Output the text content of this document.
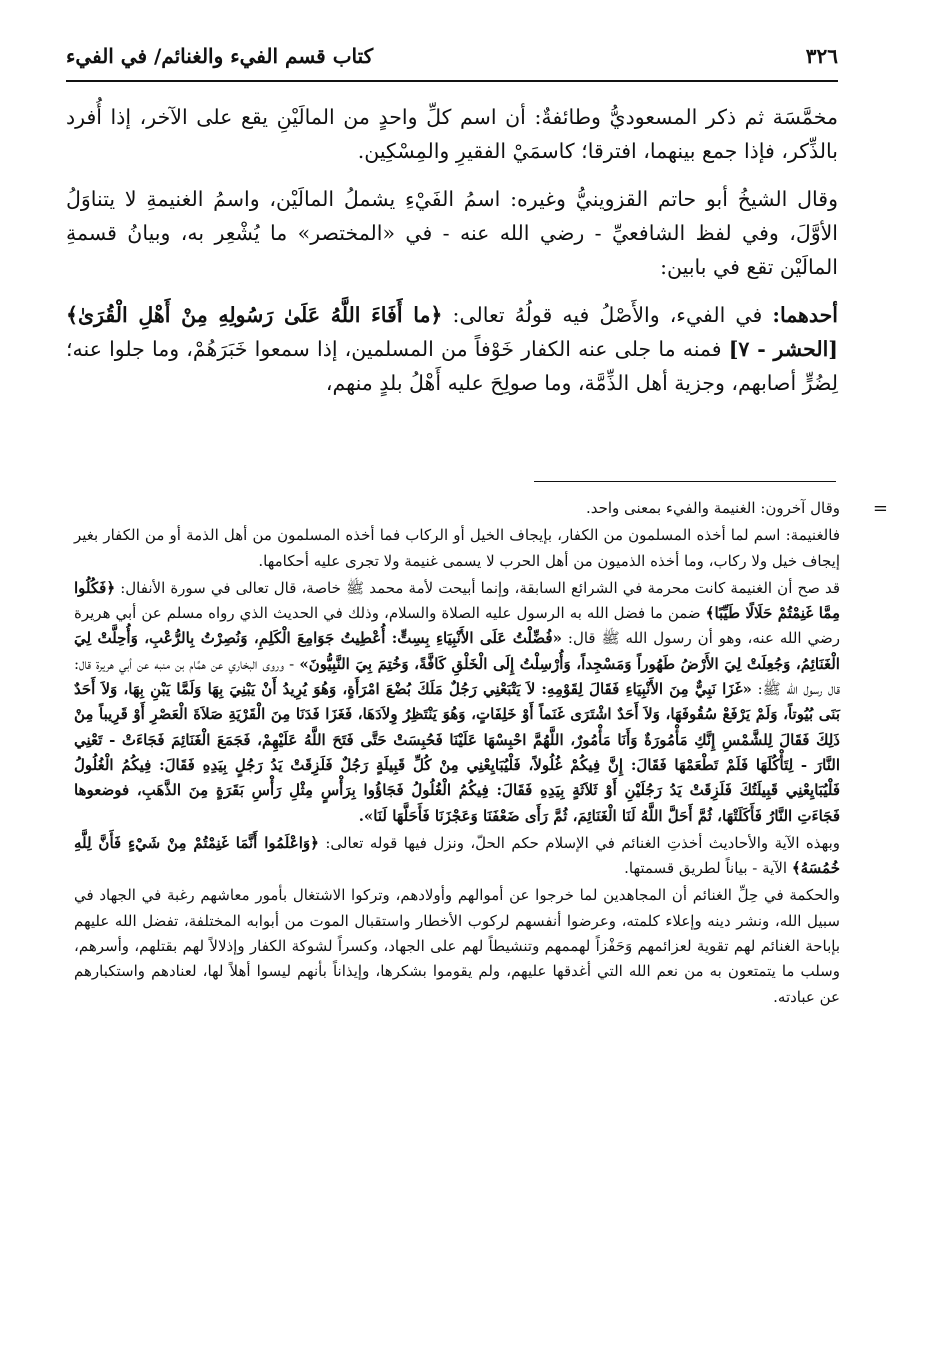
٣٢٦
كتاب قسم الفيء والغنائم/ في الفيء

مخمَّسَة ثم ذكر المسعوديُّ وطائفةٌ: أن اسم كلِّ واحدٍ من المالَيْنِ يقع على الآخر، إذا أُفرد بالذِّكر، فإذا جمع بينهما، افترقا؛ كاسمَيْ الفقيرِ والمِسْكِين.

وقال الشيخُ أبو حاتم القزوينيُّ وغيره: اسمُ الفَيْءِ يشملُ المالَيْن، واسمُ الغنيمةِ لا يتناوَلُ الأوَّلَ، وفي لفظ الشافعيِّ - رضي الله عنه - في «المختصر» ما يُشْعِر به، وبيانُ قسمةِ المالَيْن تقع في بابين:

أحدهما: في الفيء، والأَصْلُ فيه قولُهُ تعالى: ﴿ما أَفَاءَ اللَّهُ عَلَىٰ رَسُولِهِ مِنْ أَهْلِ الْقُرَىٰ﴾ [الحشر - ٧] فمنه ما جلى عنه الكفار خَوْفاً من المسلمين، إذا سمعوا خَبَرَهُمْ، وما جلوا عنه؛ لِضُرٍّ أصابهم، وجزية أهل الذِّمَّة، وما صولِحَ عليه أَهْلُ بلدٍ منهم،

=
وقال آخرون: الغنيمة والفيء بمعنى واحد.

فالغنيمة: اسم لما أخذه المسلمون من الكفار، بإيجاف الخيل أو الركاب فما أخذه المسلمون من أهل الذمة أو من الكفار بغير إيجاف خيل ولا ركاب، وما أخذه الذميون من أهل الحرب لا يسمى غنيمة ولا تجرى عليه أحكامها.

قد صح أن الغنيمة كانت محرمة في الشرائع السابقة، وإنما أبيحت لأمة محمد ﷺ خاصة، قال تعالى في سورة الأنفال: ﴿فَكُلُوا مِمَّا غَنِمْتُمْ حَلَالًا طَيِّبًا﴾ ضمن ما فضل الله به الرسول عليه الصلاة والسلام، وذلك في الحديث الذي رواه مسلم عن أبي هريرة رضي الله عنه، وهو أن رسول الله ﷺ قال: «فُضِّلْتُ عَلَى الأَنْبِيَاءِ بِسِتٍّ: أُعْطِيتُ جَوَامِعَ الْكَلِمِ، وَنُصِرْتُ بِالرُّعْبِ، وَأُحِلَّتْ لِيَ الْغَنَائِمُ، وَجُعِلَتْ لِيَ الأَرْضُ طَهُوراً وَمَسْجِداً، وَأُرْسِلْتُ إِلَى الْخَلْقِ كَافَّةً، وَخُتِمَ بِيَ النَّبِيُّونَ» - وروى البخاري عن همَّام بن منبه عن أبي هريرة قال: قال رسول الله ﷺ: «غَزَا نَبِيٌّ مِنَ الأَنْبِيَاءِ فَقَالَ لِقَوْمِهِ: لاَ يَتْبَعْنِي رَجُلٌ مَلَكَ بُضْعَ امْرَأَةٍ، وَهُوَ يُرِيدُ أَنْ يَبْنِيَ بِهَا وَلَمَّا يَبْنِ بِهَا، وَلاَ أَحَدٌ بَنَى بُيُوتاً، وَلَمْ يَرْفَعْ سُقُوفَهَا، وَلاَ أَحَدٌ اشْتَرَى غَنَماً أَوْ خَلِفَاتٍ، وَهُوَ يَنْتَظِرُ وِلاَدَهَا، فَغَزَا فَدَنَا مِنَ الْقَرْيَةِ صَلاَةَ الْعَصْرِ أَوْ قَرِيباً مِنْ ذَلِكَ فَقَالَ لِلشَّمْسِ إِنَّكِ مَأْمُورَةٌ وَأَنَا مَأْمُورٌ، اللَّهُمَّ احْبِسْهَا عَلَيْنَا فَحُبِسَتْ حَتَّى فَتَحَ اللَّهُ عَلَيْهِمْ، فَجَمَعَ الْغَنَائِمَ فَجَاءَتْ - تَعْنِي النَّارَ - لِتَأْكُلَهَا فَلَمْ تَطْعَمْهَا فَقَالَ: إِنَّ فِيكُمْ غُلُولاً، فَلْيُبَايِعْنِي مِنْ كُلِّ قَبِيلَةٍ رَجُلٌ فَلَزِقَتْ يَدُ رَجُلٍ بِيَدِهِ فَقَالَ: فِيكُمُ الْغُلُولُ فَلْيُبَايِعْنِي قَبِيلَتُكَ فَلَزِقَتْ يَدُ رَجُلَيْنِ أَوْ ثَلاَثَةٍ بِيَدِهِ فَقَالَ: فِيكُمُ الْغُلُولُ فَجَاؤُوا بِرَأْسٍ مِثْلِ رَأْسِ بَقَرَةٍ مِنَ الذَّهَبِ، فوضعوها فَجَاءَتِ النَّارُ فَأَكَلَتْهَا، ثُمَّ أَحَلَّ اللَّهُ لَنَا الْغَنَائِمَ، ثُمَّ رَأَى ضَعْفَنَا وَعَجْزَنَا فَأَحَلَّهَا لَنَا».

وبهذه الآية والأحاديث أخذتِ الغنائم في الإسلام حكم الحلّ، ونزل فيها قوله تعالى: ﴿وَاعْلَمُوا أَنَّمَا غَنِمْتُمْ مِنْ شَيْءٍ فَأَنَّ لِلَّهِ خُمُسَهُ﴾ الآية - بياناً لطريق قسمتها.

والحكمة في حِلِّ الغنائم أن المجاهدين لما خرجوا عن أموالهم وأولادهم، وتركوا الاشتغال بأمور معاشهم رغبة في الجهاد في سبيل الله، ونشر دينه وإعلاء كلمته، وعرضوا أنفسهم لركوب الأخطار واستقبال الموت من أبوابه المختلفة، تفضل الله عليهم بإباحة الغنائم لهم تقوية لعزائمهم وَحَفْزاً لهممهم وتنشيطاً لهم على الجهاد، وكسراً لشوكة الكفار وإذلالاً لهم بقتلهم، وأسرهم، وسلب ما يتمتعون به من نعم الله التي أغدقها عليهم، ولم يقوموا بشكرها، وإيذاناً بأنهم ليسوا أهلاً لها، لعنادهم واستكبارهم عن عبادته.
